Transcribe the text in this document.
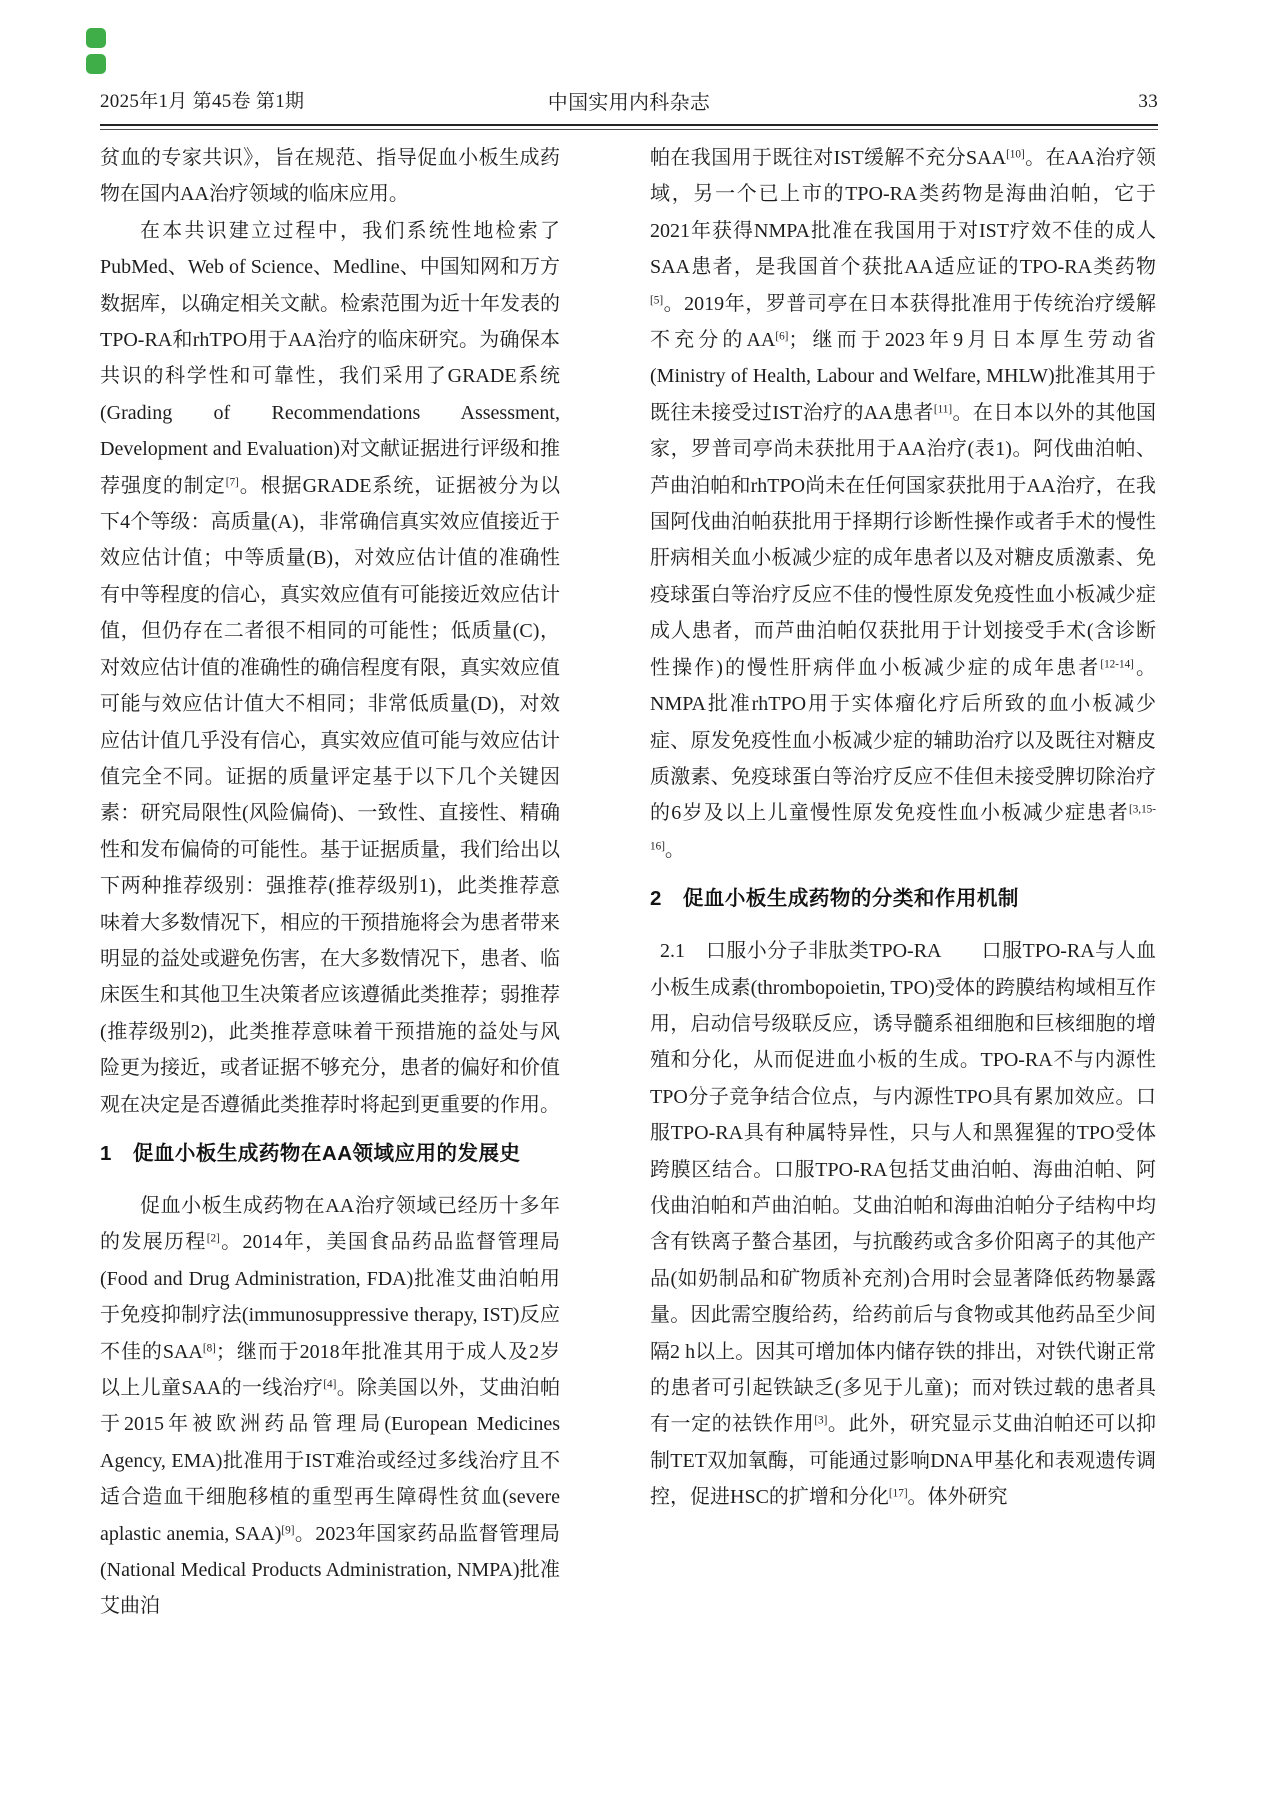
2025年1月 第45卷 第1期	中国实用内科杂志	33

贫血的专家共识》，旨在规范、指导促血小板生成药物在国内AA治疗领域的临床应用。

在本共识建立过程中，我们系统性地检索了PubMed、Web of Science、Medline、中国知网和万方数据库，以确定相关文献。检索范围为近十年发表的TPO-RA和rhTPO用于AA治疗的临床研究。为确保本共识的科学性和可靠性，我们采用了GRADE系统(Grading of Recommendations Assessment, Development and Evaluation)对文献证据进行评级和推荐强度的制定[7]。根据GRADE系统，证据被分为以下4个等级：高质量(A)，非常确信真实效应值接近于效应估计值；中等质量(B)，对效应估计值的准确性有中等程度的信心，真实效应值有可能接近效应估计值，但仍存在二者很不相同的可能性；低质量(C)，对效应估计值的准确性的确信程度有限，真实效应值可能与效应估计值大不相同；非常低质量(D)，对效应估计值几乎没有信心，真实效应值可能与效应估计值完全不同。证据的质量评定基于以下几个关键因素：研究局限性(风险偏倚)、一致性、直接性、精确性和发布偏倚的可能性。基于证据质量，我们给出以下两种推荐级别：强推荐(推荐级别1)，此类推荐意味着大多数情况下，相应的干预措施将会为患者带来明显的益处或避免伤害，在大多数情况下，患者、临床医生和其他卫生决策者应该遵循此类推荐；弱推荐(推荐级别2)，此类推荐意味着干预措施的益处与风险更为接近，或者证据不够充分，患者的偏好和价值观在决定是否遵循此类推荐时将起到更重要的作用。

1　促血小板生成药物在AA领域应用的发展史

促血小板生成药物在AA治疗领域已经历十多年的发展历程[2]。2014年，美国食品药品监督管理局(Food and Drug Administration, FDA)批准艾曲泊帕用于免疫抑制疗法(immunosuppressive therapy, IST)反应不佳的SAA[8]；继而于2018年批准其用于成人及2岁以上儿童SAA的一线治疗[4]。除美国以外，艾曲泊帕于2015年被欧洲药品管理局(European Medicines Agency, EMA)批准用于IST难治或经过多线治疗且不适合造血干细胞移植的重型再生障碍性贫血(severe aplastic anemia, SAA)[9]。2023年国家药品监督管理局(National Medical Products Administration, NMPA)批准艾曲泊

帕在我国用于既往对IST缓解不充分SAA[10]。在AA治疗领域，另一个已上市的TPO-RA类药物是海曲泊帕，它于2021年获得NMPA批准在我国用于对IST疗效不佳的成人SAA患者，是我国首个获批AA适应证的TPO-RA类药物[5]。2019年，罗普司亭在日本获得批准用于传统治疗缓解不充分的AA[6]；继而于2023年9月日本厚生劳动省(Ministry of Health, Labour and Welfare, MHLW)批准其用于既往未接受过IST治疗的AA患者[11]。在日本以外的其他国家，罗普司亭尚未获批用于AA治疗(表1)。阿伐曲泊帕、芦曲泊帕和rhTPO尚未在任何国家获批用于AA治疗，在我国阿伐曲泊帕获批用于择期行诊断性操作或者手术的慢性肝病相关血小板减少症的成年患者以及对糖皮质激素、免疫球蛋白等治疗反应不佳的慢性原发免疫性血小板减少症成人患者，而芦曲泊帕仅获批用于计划接受手术(含诊断性操作)的慢性肝病伴血小板减少症的成年患者[12-14]。NMPA批准rhTPO用于实体瘤化疗后所致的血小板减少症、原发免疫性血小板减少症的辅助治疗以及既往对糖皮质激素、免疫球蛋白等治疗反应不佳但未接受脾切除治疗的6岁及以上儿童慢性原发免疫性血小板减少症患者[3,15-16]。

2　促血小板生成药物的分类和作用机制

2.1　口服小分子非肽类TPO-RA　　口服TPO-RA与人血小板生成素(thrombopoietin, TPO)受体的跨膜结构域相互作用，启动信号级联反应，诱导髓系祖细胞和巨核细胞的增殖和分化，从而促进血小板的生成。TPO-RA不与内源性TPO分子竞争结合位点，与内源性TPO具有累加效应。口服TPO-RA具有种属特异性，只与人和黑猩猩的TPO受体跨膜区结合。口服TPO-RA包括艾曲泊帕、海曲泊帕、阿伐曲泊帕和芦曲泊帕。艾曲泊帕和海曲泊帕分子结构中均含有铁离子螯合基团，与抗酸药或含多价阳离子的其他产品(如奶制品和矿物质补充剂)合用时会显著降低药物暴露量。因此需空腹给药，给药前后与食物或其他药品至少间隔2 h以上。因其可增加体内储存铁的排出，对铁代谢正常的患者可引起铁缺乏(多见于儿童)；而对铁过载的患者具有一定的祛铁作用[3]。此外，研究显示艾曲泊帕还可以抑制TET双加氧酶，可能通过影响DNA甲基化和表观遗传调控，促进HSC的扩增和分化[17]。体外研究
